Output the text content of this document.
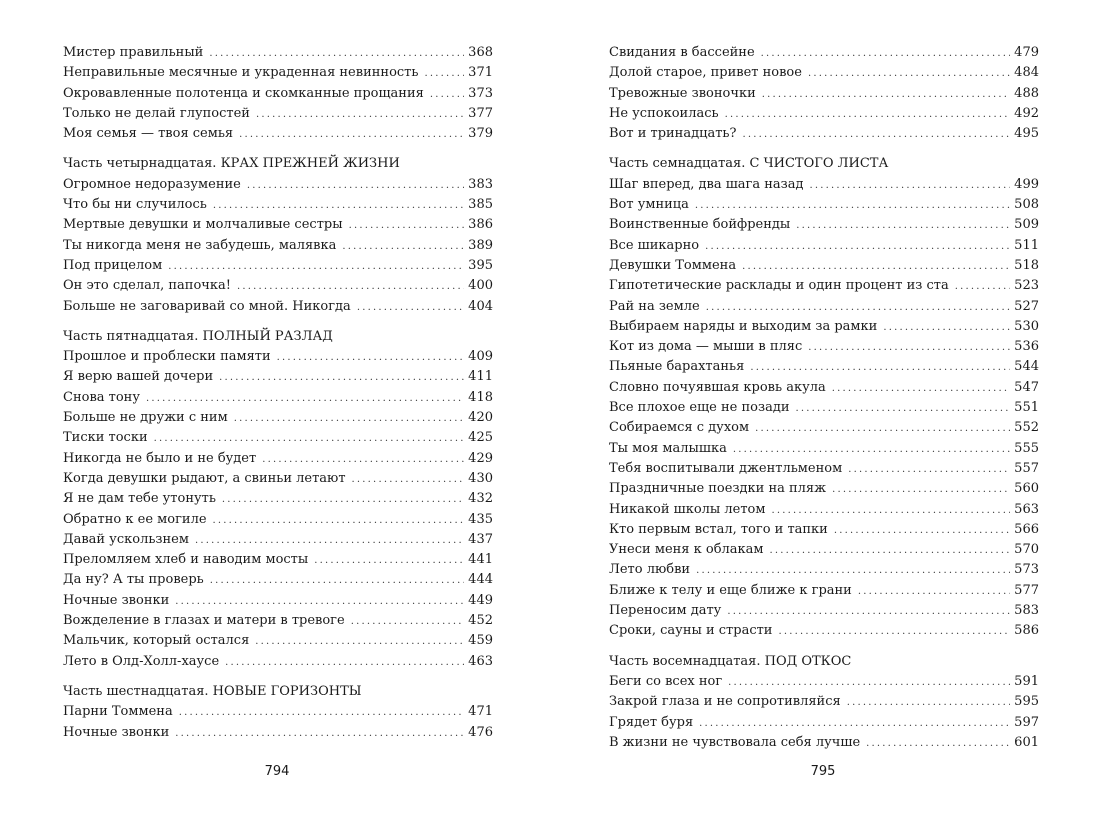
Мистер правильный .....	368
Неправильные месячные и украденная невинность .....	371
Окровавленные полотенца и скомканные прощания .....	373
Только не делай глупостей .....	377
Моя семья — твоя семья .....	379
Часть четырнадцатая. КРАХ ПРЕЖНЕЙ ЖИЗНИ
Огромное недоразумение .....	383
Что бы ни случилось .....	385
Мертвые девушки и молчаливые сестры .....	386
Ты никогда меня не забудешь, малявка .....	389
Под прицелом .....	395
Он это сделал, папочка! .....	400
Больше не заговаривай со мной. Никогда .....	404
Часть пятнадцатая. ПОЛНЫЙ РАЗЛАД
Прошлое и проблески памяти .....	409
Я верю вашей дочери .....	411
Снова тону .....	418
Больше не дружи с ним .....	420
Тиски тоски .....	425
Никогда не было и не будет .....	429
Когда девушки рыдают, а свиньи летают .....	430
Я не дам тебе утонуть .....	432
Обратно к ее могиле .....	435
Давай ускользнем .....	437
Преломляем хлеб и наводим мосты .....	441
Да ну? А ты проверь .....	444
Ночные звонки .....	449
Вожделение в глазах и матери в тревоге .....	452
Мальчик, который остался .....	459
Лето в Олд-Холл-хаусе .....	463
Часть шестнадцатая. НОВЫЕ ГОРИЗОНТЫ
Парни Томмена .....	471
Ночные звонки .....	476
794
Свидания в бассейне .....	479
Долой старое, привет новое .....	484
Тревожные звоночки .....	488
Не успокоилась .....	492
Вот и тринадцать? .....	495
Часть семнадцатая. С ЧИСТОГО ЛИСТА
Шаг вперед, два шага назад .....	499
Вот умница .....	508
Воинственные бойфренды .....	509
Все шикарно .....	511
Девушки Томмена .....	518
Гипотетические расклады и один процент из ста .....	523
Рай на земле .....	527
Выбираем наряды и выходим за рамки .....	530
Кот из дома — мыши в пляс .....	536
Пьяные барахтанья .....	544
Словно почуявшая кровь акула .....	547
Все плохое еще не позади .....	551
Собираемся с духом .....	552
Ты моя малышка .....	555
Тебя воспитывали джентльменом .....	557
Праздничные поездки на пляж .....	560
Никакой школы летом .....	563
Кто первым встал, того и тапки .....	566
Унеси меня к облакам .....	570
Лето любви .....	573
Ближе к телу и еще ближе к грани .....	577
Переносим дату .....	583
Сроки, сауны и страсти .....	586
Часть восемнадцатая. ПОД ОТКОС
Беги со всех ног .....	591
Закрой глаза и не сопротивляйся .....	595
Грядет буря .....	597
В жизни не чувствовала себя лучше .....	601
795
